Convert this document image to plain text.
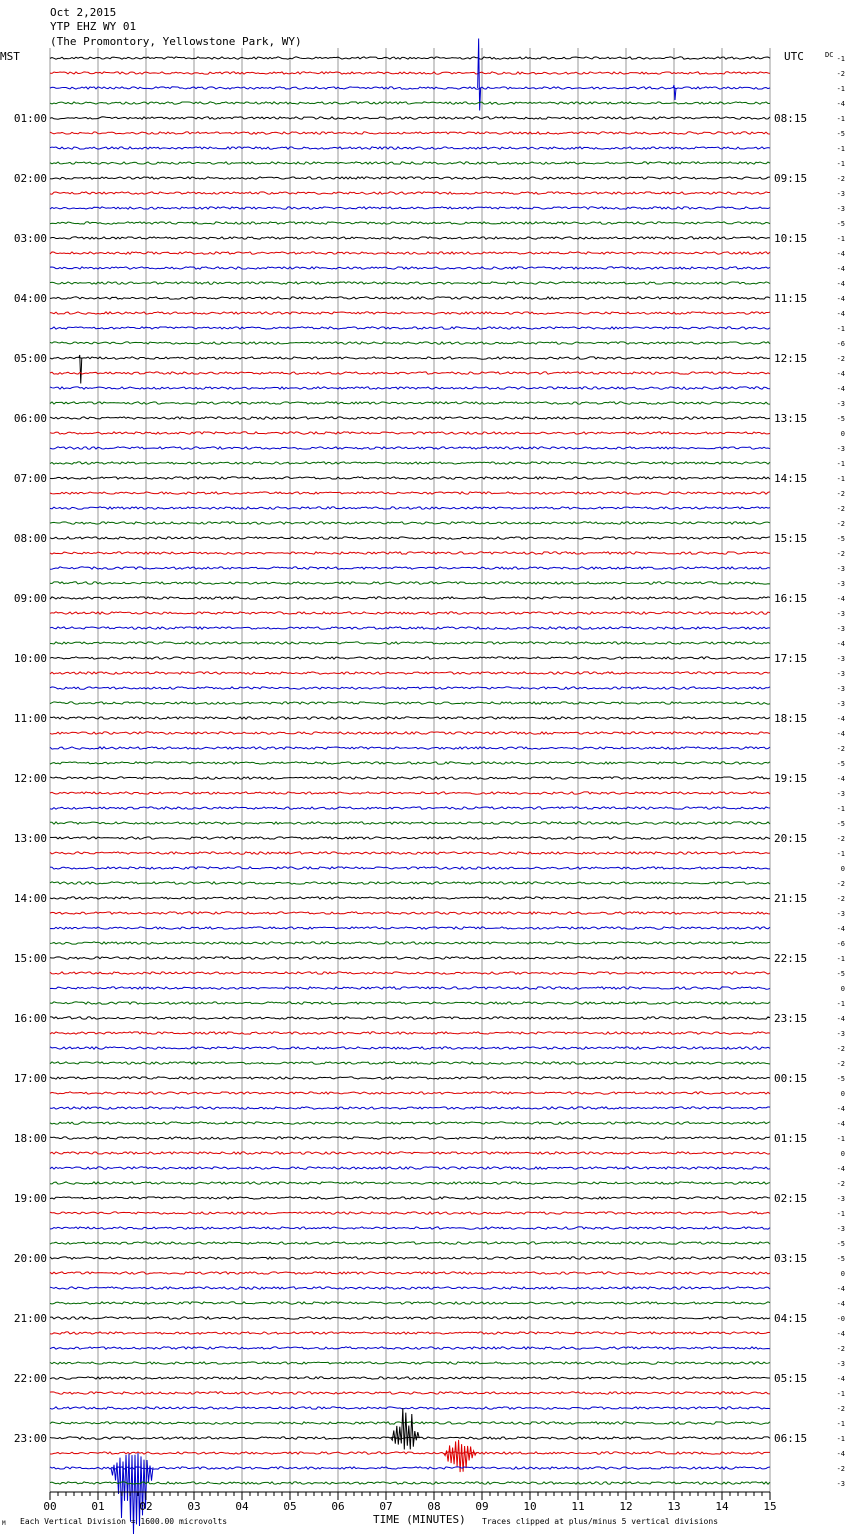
Oct 2,2015
YTP EHZ WY 01
(The Promontory, Yellowstone Park, WY)
MST	UTC	DC
01:00
02:00
03:00
04:00
05:00
06:00
07:00
08:00
09:00
10:00
11:00
12:00
13:00
14:00
15:00
16:00
17:00
18:00
19:00
20:00
21:00
22:00
23:00
08:15
09:15
10:15
11:15
12:15
13:15
14:15
15:15
16:15
17:15
18:15
19:15
20:15
21:15
22:15
23:15
00:15
01:15
02:15
03:15
04:15
05:15
06:15
-1
-2
-1
-4
-1
-5
-1
-1
-2
-3
-3
-5
-1
-4
-4
-4
-4
-4
-1
-6
-2
-4
-4
-3
-5
0
-3
-1
-1
-2
-2
-2
-5
-2
-3
-3
-4
-3
-3
-4
-3
-3
-3
-3
-4
-4
-2
-5
-4
-3
-1
-5
-2
-1
0
-2
-2
-3
-4
-6
-1
-5
0
-1
-4
-3
-2
-2
-5
0
-4
-4
-1
0
-4
-2
-3
-1
-3
-5
-5
0
-4
-4
-0
-4
-2
-3
-4
-1
-2
-1
-1
-4
-2
-3
00	01	02	03	04	05	06	07	08	09	10	11	12	13	14	15
M Each Vertical Division = 1600.00 microvolts	TIME (MINUTES) Traces clipped at plus/minus 5 vertical divisions
